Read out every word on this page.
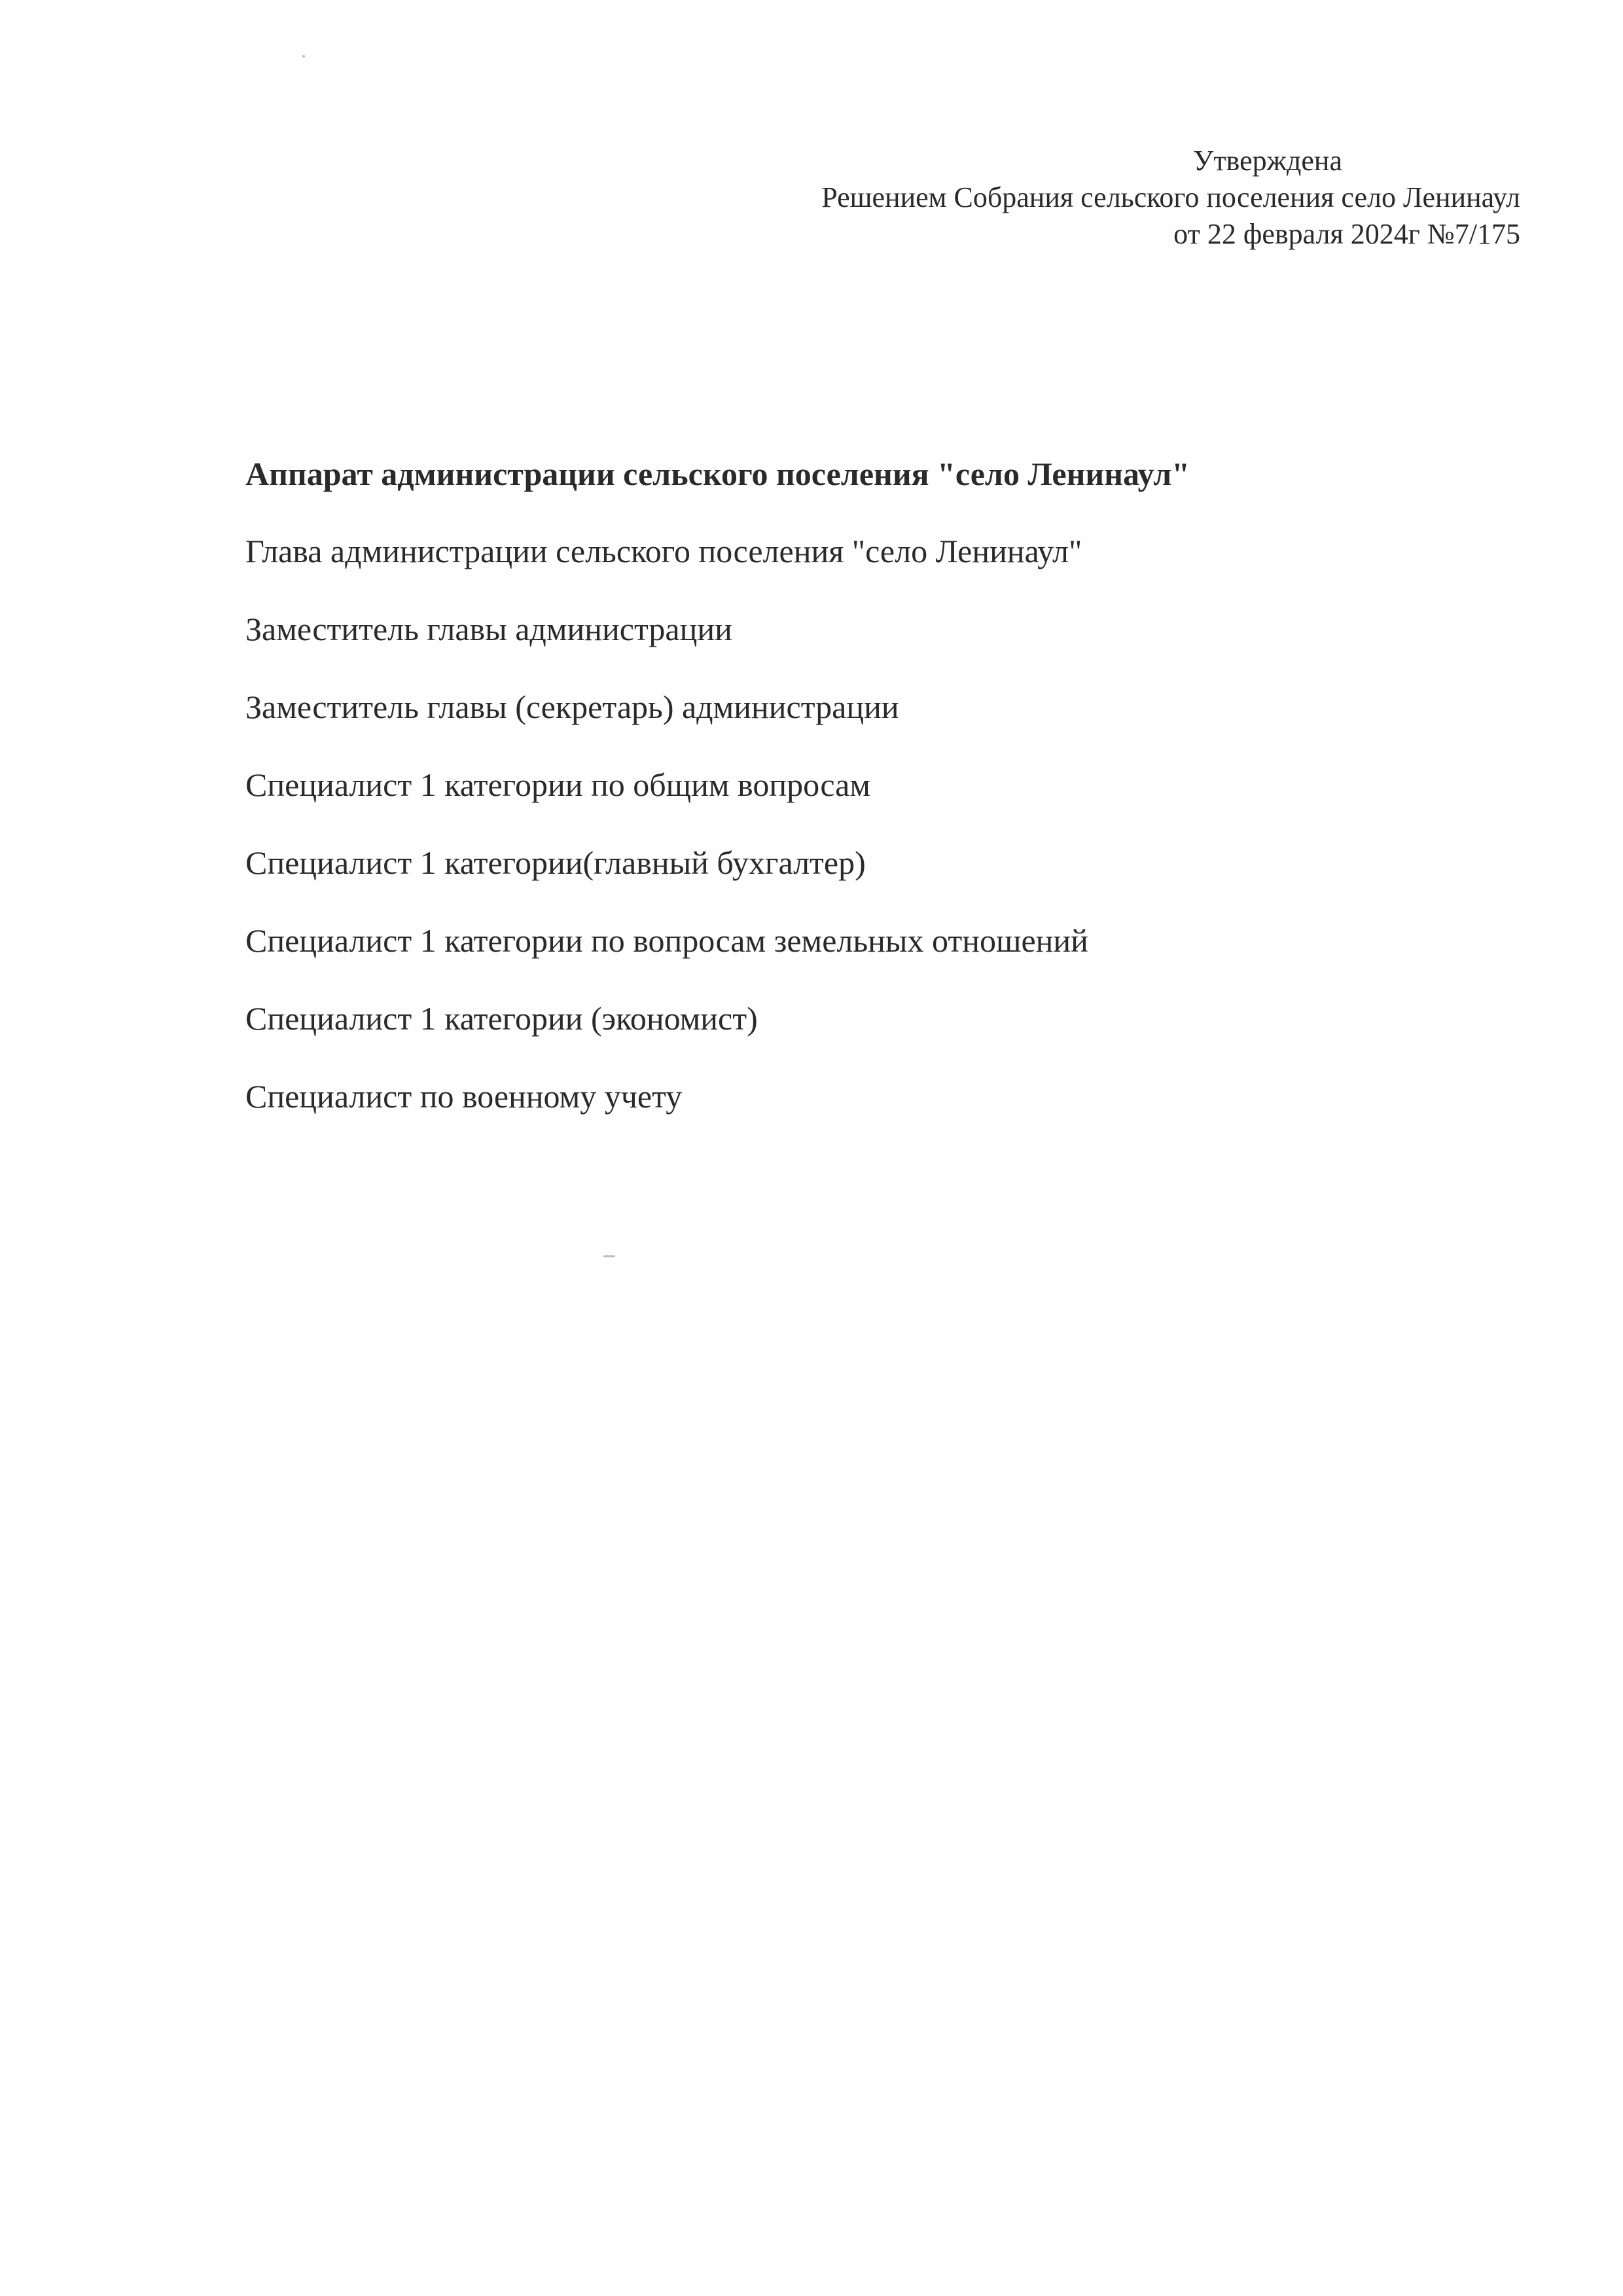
Утверждена
Решением Собрания сельского поселения село Ленинаул
от 22 февраля 2024г №7/175
Аппарат администрации сельского поселения "село Ленинаул"
Глава администрации сельского поселения "село Ленинаул"
Заместитель главы администрации
Заместитель главы (секретарь) администрации
Специалист 1 категории по общим вопросам
Специалист 1 категории(главный бухгалтер)
Специалист 1 категории по вопросам земельных отношений
Специалист 1 категории (экономист)
Специалист по военному учету
